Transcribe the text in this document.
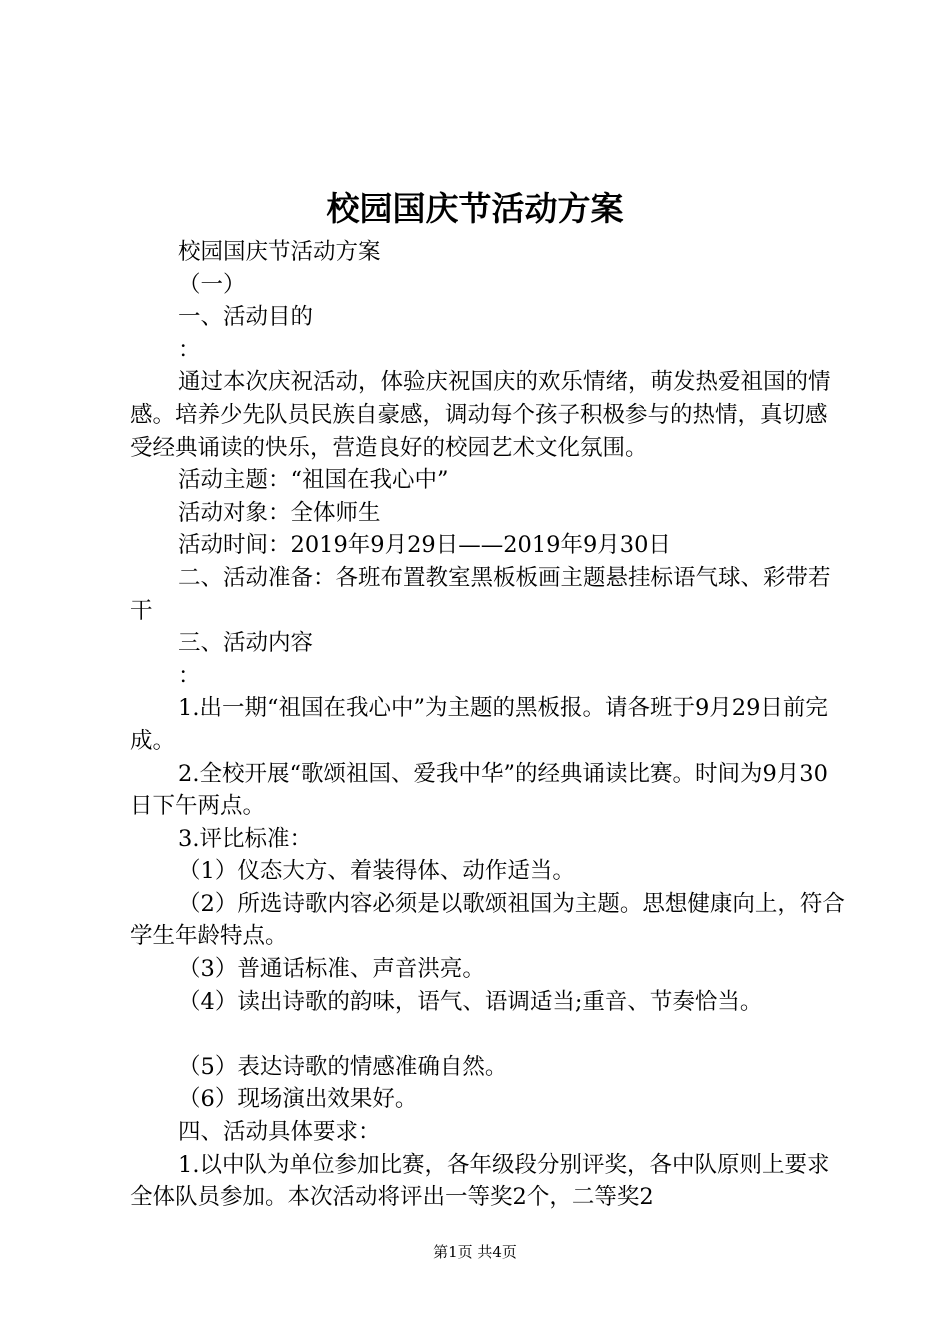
校园国庆节活动方案

校园国庆节活动方案

（一）

一、活动目的

：

通过本次庆祝活动，体验庆祝国庆的欢乐情绪，萌发热爱祖国的情感。培养少先队员民族自豪感，调动每个孩子积极参与的热情，真切感受经典诵读的快乐，营造良好的校园艺术文化氛围。

活动主题：“祖国在我心中”

活动对象：全体师生

活动时间：2019年9月29日——2019年9月30日

二、活动准备：各班布置教室黑板板画主题悬挂标语气球、彩带若干

三、活动内容

：

1.出一期“祖国在我心中”为主题的黑板报。请各班于9月29日前完成。

2.全校开展“歌颂祖国、爱我中华”的经典诵读比赛。时间为9月30日下午两点。

3.评比标准：

（1）仪态大方、着装得体、动作适当。

（2）所选诗歌内容必须是以歌颂祖国为主题。思想健康向上，符合学生年龄特点。

（3）普通话标准、声音洪亮。

（4）读出诗歌的韵味，语气、语调适当;重音、节奏恰当。

（5）表达诗歌的情感准确自然。

（6）现场演出效果好。

四、活动具体要求：

1.以中队为单位参加比赛，各年级段分别评奖，各中队原则上要求全体队员参加。本次活动将评出一等奖2个，二等奖2

第1页 共4页
